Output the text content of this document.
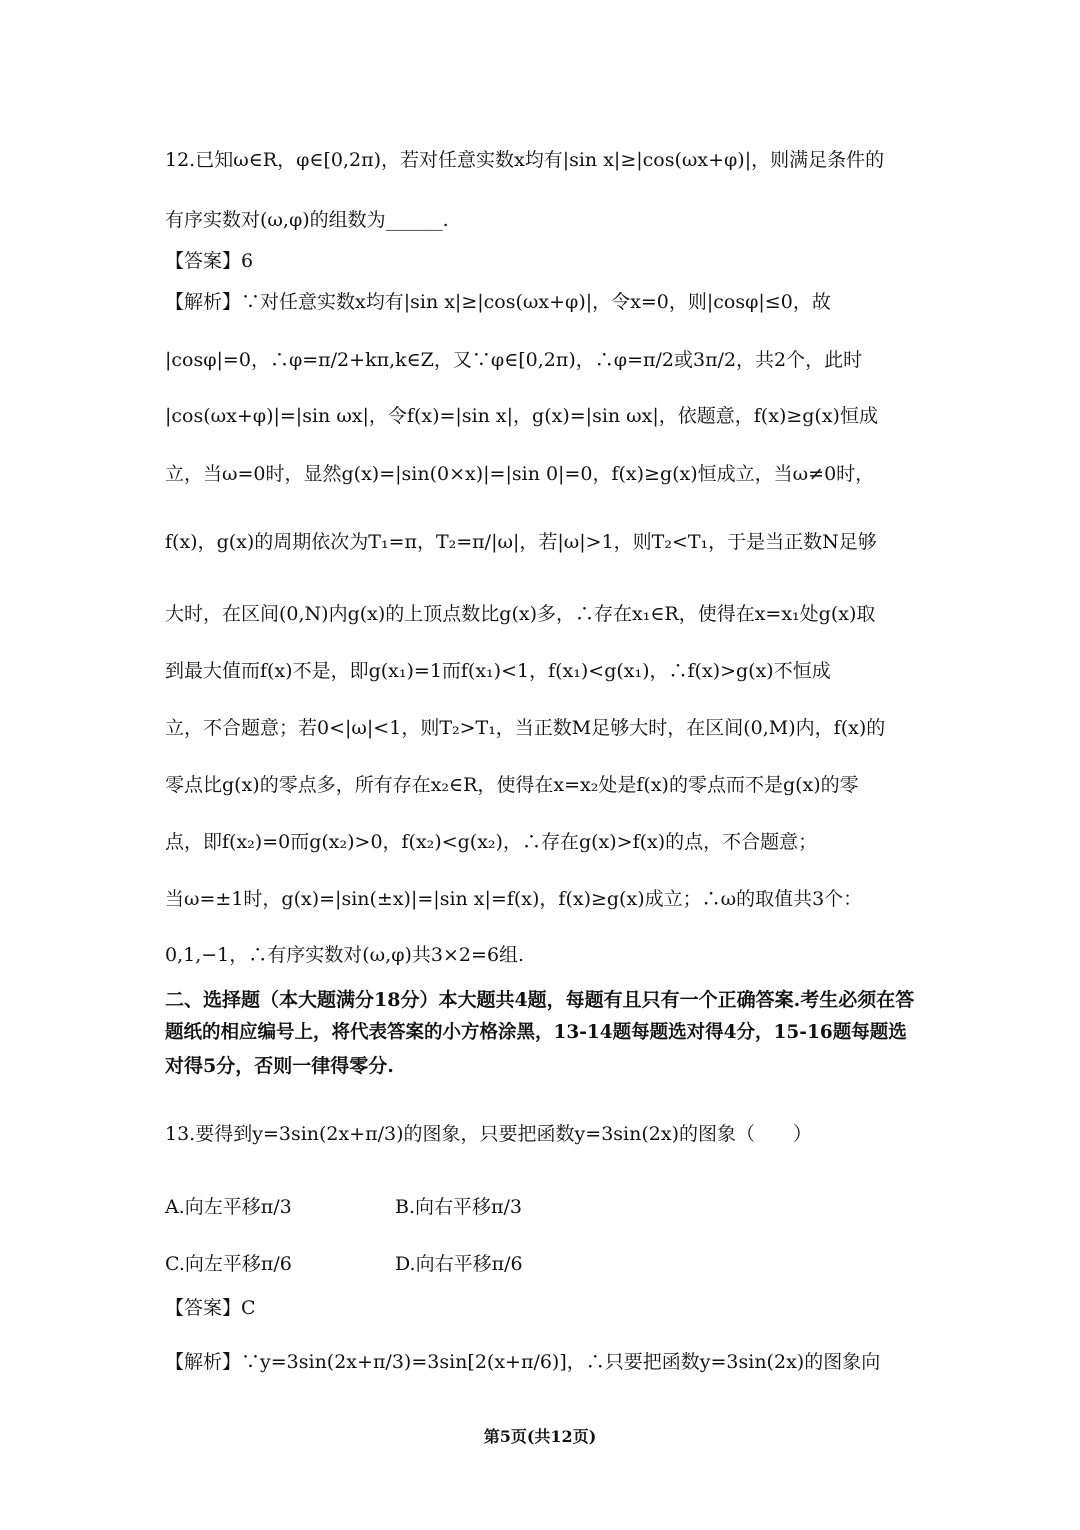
12.已知ω∈R，φ∈[0,2π)，若对任意实数x均有|sin x|≥|cos(ωx+φ)|，则满足条件的
有序实数对(ω,φ)的组数为______.
【答案】6
【解析】∵对任意实数x均有|sin x|≥|cos(ωx+φ)|，令x=0，则|cosφ|≤0，故
|cosφ|=0，∴φ=π/2+kπ,k∈Z，又∵φ∈[0,2π)，∴φ=π/2或3π/2，共2个，此时
|cos(ωx+φ)|=|sin ωx|，令f(x)=|sin x|，g(x)=|sin ωx|，依题意，f(x)≥g(x)恒成
立，当ω=0时，显然g(x)=|sin(0×x)|=|sin 0|=0，f(x)≥g(x)恒成立，当ω≠0时，
f(x)，g(x)的周期依次为T₁=π，T₂=π/|ω|，若|ω|>1，则T₂<T₁，于是当正数N足够
大时，在区间(0,N)内g(x)的上顶点数比g(x)多，∴存在x₁∈R，使得在x=x₁处g(x)取
到最大值而f(x)不是，即g(x₁)=1而f(x₁)<1，f(x₁)<g(x₁)，∴f(x)>g(x)不恒成
立，不合题意；若0<|ω|<1，则T₂>T₁，当正数M足够大时，在区间(0,M)内，f(x)的
零点比g(x)的零点多，所有存在x₂∈R，使得在x=x₂处是f(x)的零点而不是g(x)的零
点，即f(x₂)=0而g(x₂)>0，f(x₂)<g(x₂)，∴存在g(x)>f(x)的点，不合题意；
当ω=±1时，g(x)=|sin(±x)|=|sin x|=f(x)，f(x)≥g(x)成立；∴ω的取值共3个：
0,1,−1，∴有序实数对(ω,φ)共3×2=6组.
二、选择题（本大题满分18分）本大题共4题，每题有且只有一个正确答案.考生必须在答
题纸的相应编号上，将代表答案的小方格涂黑，13-14题每题选对得4分，15-16题每题选
对得5分，否则一律得零分.
13.要得到y=3sin(2x+π/3)的图象，只要把函数y=3sin(2x)的图象（　　）
A.向左平移π/3	B.向右平移π/3
C.向左平移π/6	D.向右平移π/6
【答案】C
【解析】∵y=3sin(2x+π/3)=3sin[2(x+π/6)]，∴只要把函数y=3sin(2x)的图象向
第5页(共12页)
